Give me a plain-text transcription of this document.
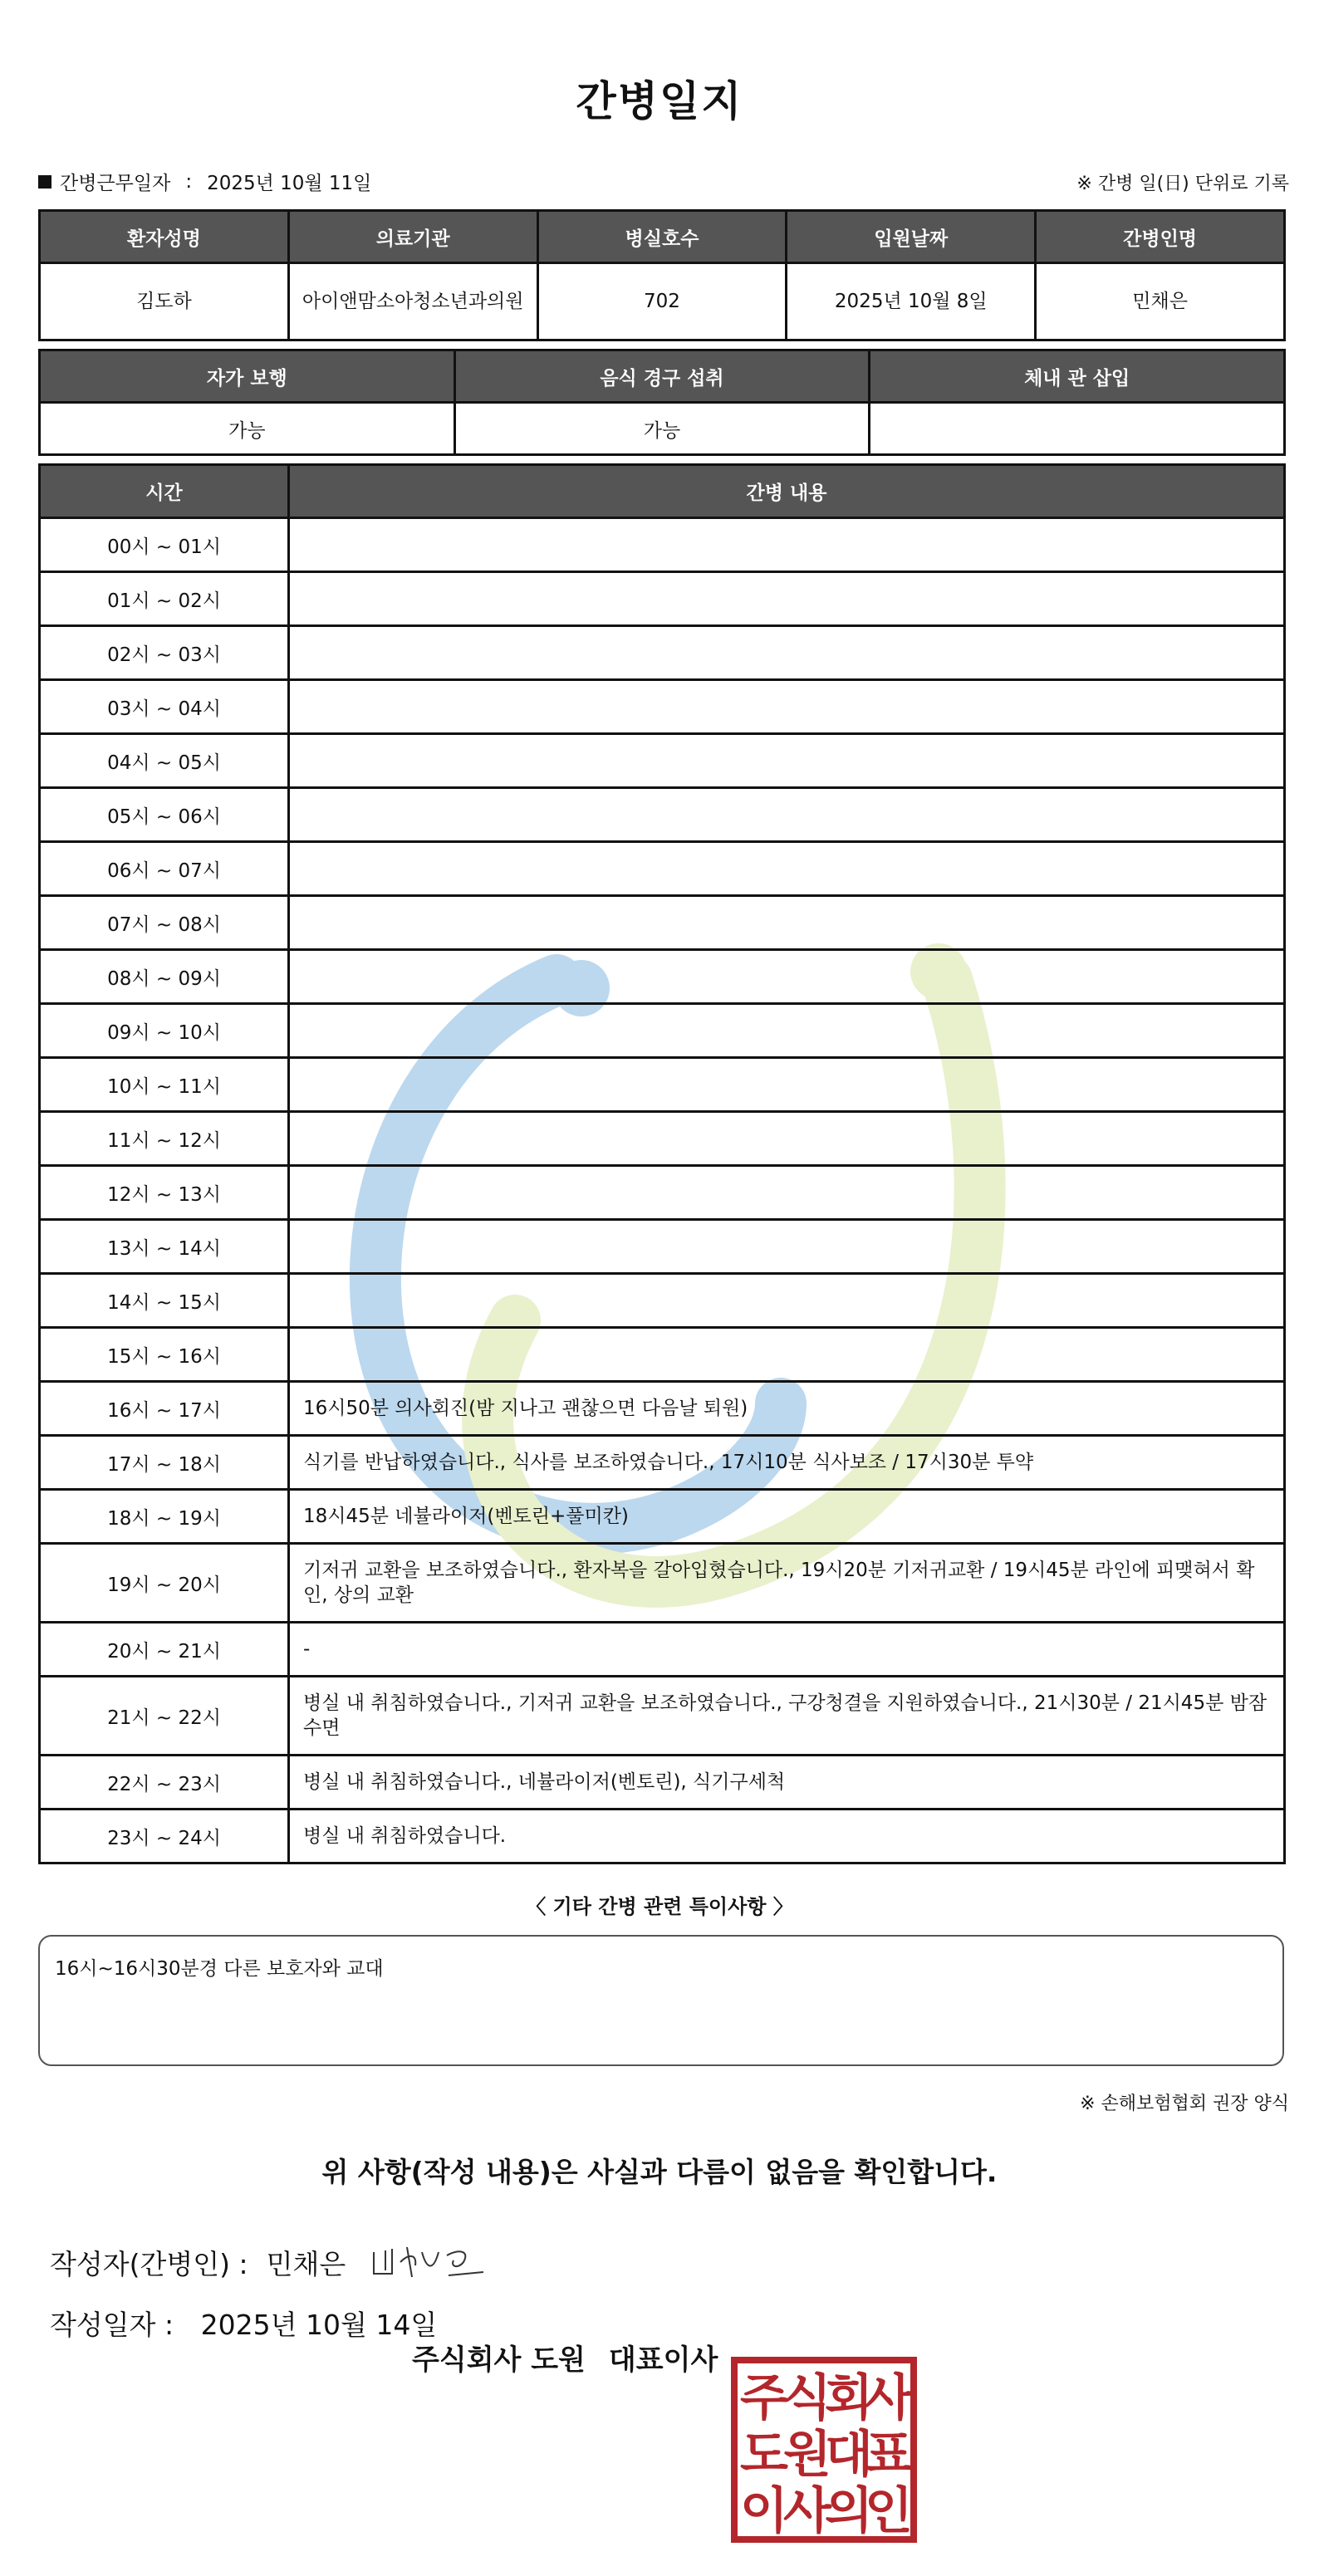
간병일지
간병근무일자 : 2025년 10월 11일	※ 간병 일(日) 단위로 기록
환자성명	의료기관	병실호수	입원날짜	간병인명
김도하	아이앤맘소아청소년과의원	702	2025년 10월 8일	민채은
자가 보행	음식 경구 섭취	체내 관 삽입
가능	가능	
시간	간병 내용
00시 ~ 01시	
01시 ~ 02시	
02시 ~ 03시	
03시 ~ 04시	
04시 ~ 05시	
05시 ~ 06시	
06시 ~ 07시	
07시 ~ 08시	
08시 ~ 09시	
09시 ~ 10시	
10시 ~ 11시	
11시 ~ 12시	
12시 ~ 13시	
13시 ~ 14시	
14시 ~ 15시	
15시 ~ 16시	
16시 ~ 17시	16시50분 의사회진(밤 지나고 괜찮으면 다음날 퇴원)
17시 ~ 18시	식기를 반납하였습니다., 식사를 보조하였습니다., 17시10분 식사보조 / 17시30분 투약
18시 ~ 19시	18시45분 네뷸라이저(벤토린+풀미칸)
19시 ~ 20시	기저귀 교환을 보조하였습니다., 환자복을 갈아입혔습니다., 19시20분 기저귀교환 / 19시45분 라인에 피맺혀서 확인, 상의 교환
20시 ~ 21시	-
21시 ~ 22시	병실 내 취침하였습니다., 기저귀 교환을 보조하였습니다., 구강청결을 지원하였습니다., 21시30분 / 21시45분 밤잠 수면
22시 ~ 23시	병실 내 취침하였습니다., 네뷸라이저(벤토린), 식기구세척
23시 ~ 24시	병실 내 취침하였습니다.
〈 기타 간병 관련 특이사항 〉
16시~16시30분경 다른 보호자와 교대
※ 손해보험협회 권장 양식
위 사항(작성 내용)은 사실과 다름이 없음을 확인합니다.
작성자(간병인) : 민채은
작성일자 : 2025년 10월 14일
주식회사 도원 대표이사
주
식
회
사
도
원
대
표
이
사
의
인
